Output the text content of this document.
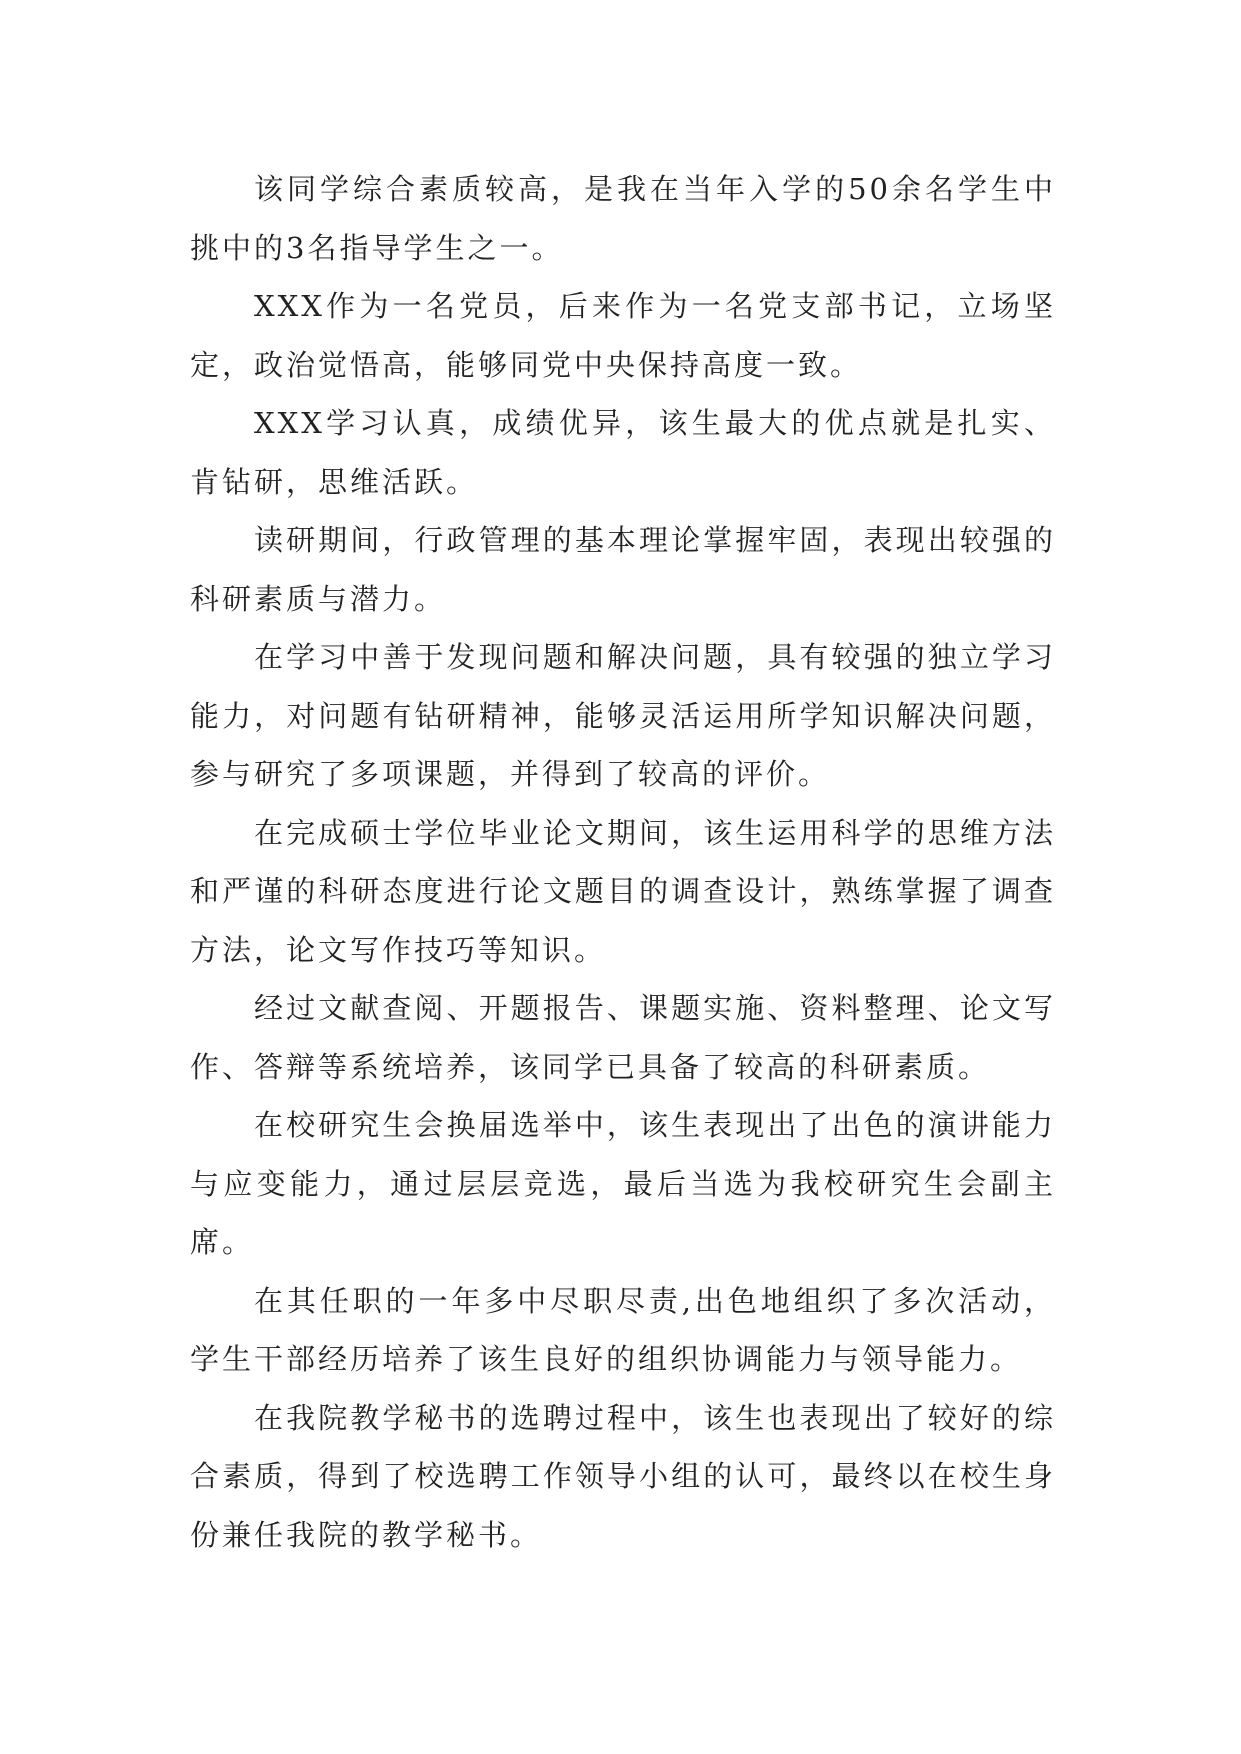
该同学综合素质较高，是我在当年入学的50余名学生中挑中的3名指导学生之一。

XXX作为一名党员，后来作为一名党支部书记，立场坚定，政治觉悟高，能够同党中央保持高度一致。

XXX学习认真，成绩优异，该生最大的优点就是扎实、肯钻研，思维活跃。

读研期间，行政管理的基本理论掌握牢固，表现出较强的科研素质与潜力。

在学习中善于发现问题和解决问题，具有较强的独立学习能力，对问题有钻研精神，能够灵活运用所学知识解决问题，参与研究了多项课题，并得到了较高的评价。

在完成硕士学位毕业论文期间，该生运用科学的思维方法和严谨的科研态度进行论文题目的调查设计，熟练掌握了调查方法，论文写作技巧等知识。

经过文献查阅、开题报告、课题实施、资料整理、论文写作、答辩等系统培养，该同学已具备了较高的科研素质。

在校研究生会换届选举中，该生表现出了出色的演讲能力与应变能力，通过层层竞选，最后当选为我校研究生会副主席。

在其任职的一年多中尽职尽责,出色地组织了多次活动，学生干部经历培养了该生良好的组织协调能力与领导能力。

在我院教学秘书的选聘过程中，该生也表现出了较好的综合素质，得到了校选聘工作领导小组的认可，最终以在校生身份兼任我院的教学秘书。
